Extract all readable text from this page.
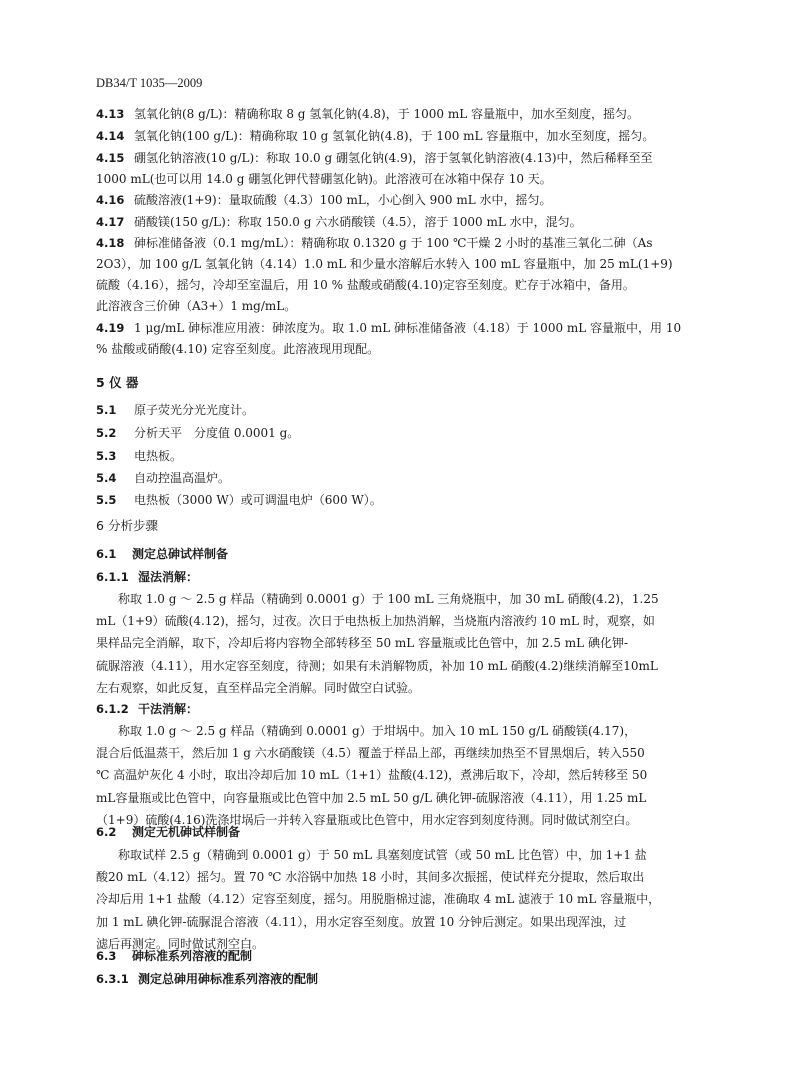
DB34/T 1035—2009
4.13 氢氧化钠(8 g/L)：精确称取 8 g 氢氧化钠(4.8)，于 1000 mL 容量瓶中，加水至刻度，摇匀。
4.14 氢氧化钠(100 g/L)：精确称取 10 g 氢氧化钠(4.8)，于 100 mL 容量瓶中，加水至刻度，摇匀。
4.15 硼氢化钠溶液(10 g/L)：称取 10.0 g 硼氢化钠(4.9)，溶于氢氧化钠溶液(4.13)中，然后稀释至至
1000 mL(也可以用 14.0 g 硼氢化钾代替硼氢化钠)。此溶液可在冰箱中保存 10 天。
4.16 硫酸溶液(1+9)：量取硫酸（4.3）100 mL，小心倒入 900 mL 水中，摇匀。
4.17 硝酸镁(150 g/L)：称取 150.0 g 六水硝酸镁（4.5），溶于 1000 mL 水中，混匀。
4.18 砷标准储备液（0.1 mg/mL）：精确称取 0.1320 g 于 100 ℃干燥 2 小时的基准三氧化二砷（As
2O3），加 100 g/L 氢氧化钠（4.14）1.0 mL 和少量水溶解后水转入 100 mL 容量瓶中，加 25 mL(1+9)
硫酸（4.16），摇匀，冷却至室温后，用 10 % 盐酸或硝酸(4.10)定容至刻度。贮存于冰箱中，备用。
此溶液含三价砷（A3+）1 mg/mL。
4.19 1 μg/mL 砷标准应用液：砷浓度为。取 1.0 mL 砷标准储备液（4.18）于 1000 mL 容量瓶中，用 10
% 盐酸或硝酸(4.10) 定容至刻度。此溶液现用现配。
5 仪 器
5.1 原子荧光分光光度计。
5.2 分析天平　分度值 0.0001 g。
5.3 电热板。
5.4 自动控温高温炉。
5.5 电热板（3000 W）或可调温电炉（600 W）。
6 分析步骤
6.1 测定总砷试样制备
6.1.1 湿法消解：
称取 1.0 g ～ 2.5 g 样品（精确到 0.0001 g）于 100 mL 三角烧瓶中，加 30 mL 硝酸(4.2)，1.25
mL（1+9）硫酸(4.12)，摇匀，过夜。次日于电热板上加热消解，当烧瓶内溶液约 10 mL 时，观察，如
果样品完全消解，取下，冷却后将内容物全部转移至 50 mL 容量瓶或比色管中，加 2.5 mL 碘化钾-
硫脲溶液（4.11），用水定容至刻度，待测；如果有未消解物质，补加 10 mL 硝酸(4.2)继续消解至10mL
左右观察，如此反复，直至样品完全消解。同时做空白试验。
6.1.2 干法消解：
称取 1.0 g ～ 2.5 g 样品（精确到 0.0001 g）于坩埚中。加入 10 mL 150 g/L 硝酸镁(4.17)，
混合后低温蒸干，然后加 1 g 六水硝酸镁（4.5）覆盖于样品上部，再继续加热至不冒黑烟后，转入550
℃ 高温炉灰化 4 小时，取出冷却后加 10 mL（1+1）盐酸(4.12)，煮沸后取下，冷却，然后转移至 50
mL容量瓶或比色管中，向容量瓶或比色管中加 2.5 mL 50 g/L 碘化钾-硫脲溶液（4.11），用 1.25 mL
（1+9）硫酸(4.16)洗涤坩埚后一并转入容量瓶或比色管中，用水定容到刻度待测。同时做试剂空白。
6.2 测定无机砷试样制备
称取试样 2.5 g（精确到 0.0001 g）于 50 mL 具塞刻度试管（或 50 mL 比色管）中，加 1+1 盐
酸20 mL（4.12）摇匀。置 70 ℃ 水浴锅中加热 18 小时，其间多次振摇，使试样充分提取，然后取出
冷却后用 1+1 盐酸（4.12）定容至刻度，摇匀。用脱脂棉过滤，准确取 4 mL 滤液于 10 mL 容量瓶中，
加 1 mL 碘化钾-硫脲混合溶液（4.11），用水定容至刻度。放置 10 分钟后测定。如果出现浑浊，过
滤后再测定。同时做试剂空白。
6.3 砷标准系列溶液的配制
6.3.1 测定总砷用砷标准系列溶液的配制
